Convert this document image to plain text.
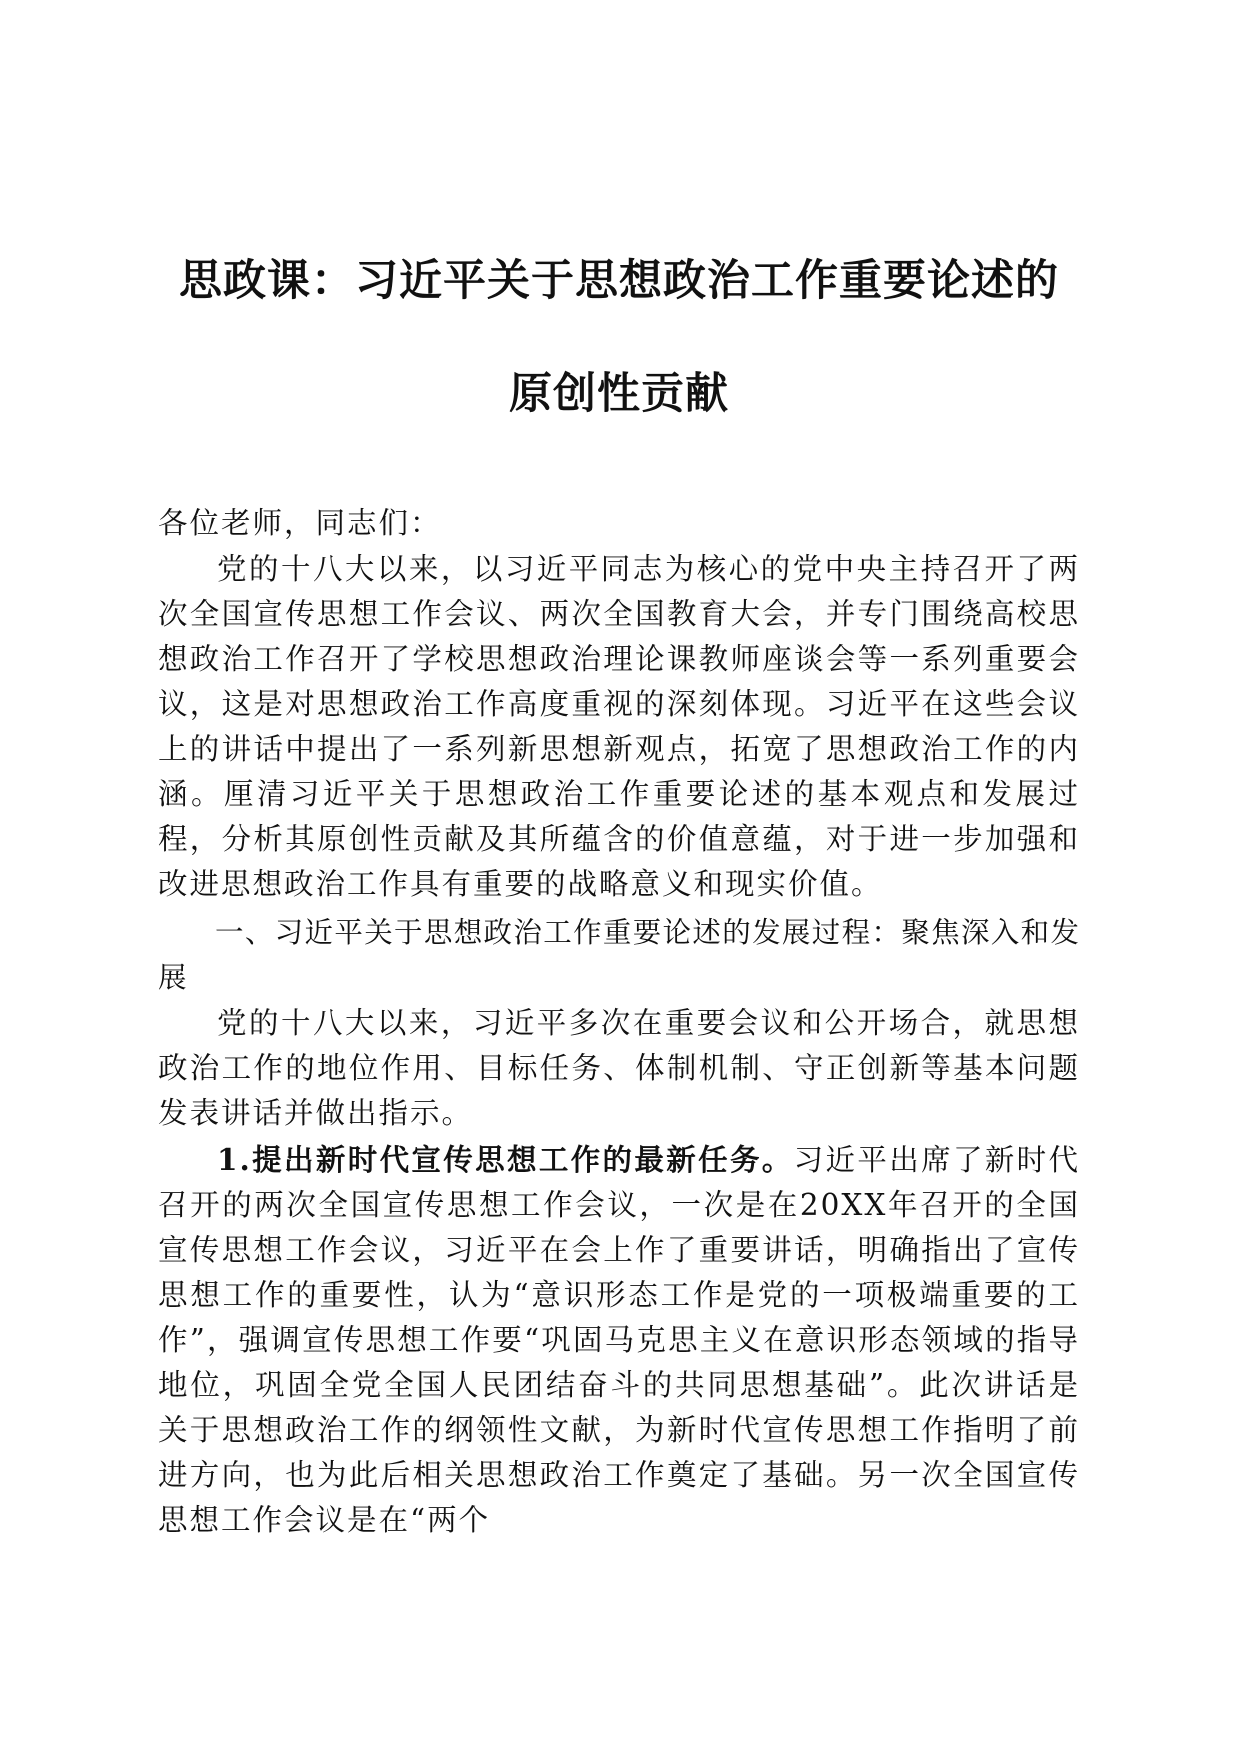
思政课：习近平关于思想政治工作重要论述的
原创性贡献

各位老师，同志们：

党的十八大以来，以习近平同志为核心的党中央主持召开了两次全国宣传思想工作会议、两次全国教育大会，并专门围绕高校思想政治工作召开了学校思想政治理论课教师座谈会等一系列重要会议，这是对思想政治工作高度重视的深刻体现。习近平在这些会议上的讲话中提出了一系列新思想新观点，拓宽了思想政治工作的内涵。厘清习近平关于思想政治工作重要论述的基本观点和发展过程，分析其原创性贡献及其所蕴含的价值意蕴，对于进一步加强和改进思想政治工作具有重要的战略意义和现实价值。

一、习近平关于思想政治工作重要论述的发展过程：聚焦深入和发展

党的十八大以来，习近平多次在重要会议和公开场合，就思想政治工作的地位作用、目标任务、体制机制、守正创新等基本问题发表讲话并做出指示。

1.提出新时代宣传思想工作的最新任务。习近平出席了新时代召开的两次全国宣传思想工作会议，一次是在20XX年召开的全国宣传思想工作会议，习近平在会上作了重要讲话，明确指出了宣传思想工作的重要性，认为“意识形态工作是党的一项极端重要的工作”，强调宣传思想工作要“巩固马克思主义在意识形态领域的指导地位，巩固全党全国人民团结奋斗的共同思想基础”。此次讲话是关于思想政治工作的纲领性文献，为新时代宣传思想工作指明了前进方向，也为此后相关思想政治工作奠定了基础。另一次全国宣传思想工作会议是在“两个
